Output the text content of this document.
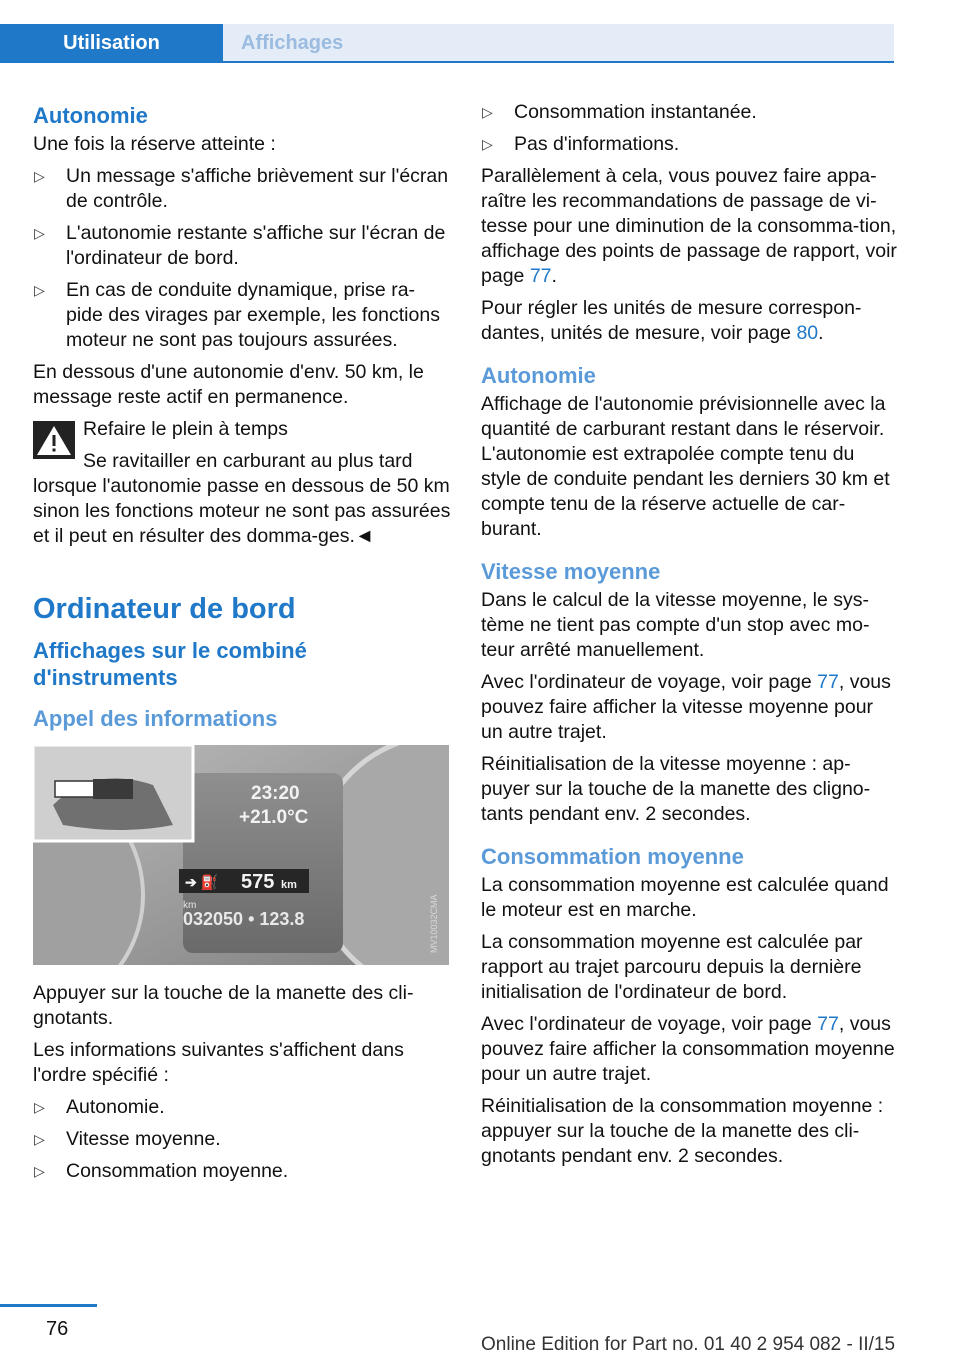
Utilisation	Affichages
Autonomie

Une fois la réserve atteinte :

▷ Un message s'affiche brièvement sur l'écran de contrôle.
▷ L'autonomie restante s'affiche sur l'écran de l'ordinateur de bord.
▷ En cas de conduite dynamique, prise ra-pide des virages par exemple, les fonctions moteur ne sont pas toujours assurées.

En dessous d'une autonomie d'env. 50 km, le message reste actif en permanence.

Refaire le plein à temps
Se ravitailler en carburant au plus tard lorsque l'autonomie passe en dessous de 50 km sinon les fonctions moteur ne sont pas assurées et il peut en résulter des domma-ges.◄
Ordinateur de bord
Affichages sur le combiné d'instruments
Appel des informations
23:20
+21.0°C
➔ ⛽ 575 km
km
032050 • 123.8	MV10032CMA

Appuyer sur la touche de la manette des cli-gnotants.

Les informations suivantes s'affichent dans l'ordre spécifié :

▷ Autonomie.
▷ Vitesse moyenne.
▷ Consommation moyenne.
▷ Consommation instantanée.
▷ Pas d'informations.

Parallèlement à cela, vous pouvez faire appa-raître les recommandations de passage de vi-tesse pour une diminution de la consomma-tion, affichage des points de passage de rapport, voir page 77.

Pour régler les unités de mesure correspon-dantes, unités de mesure, voir page 80.

Autonomie

Affichage de l'autonomie prévisionnelle avec la quantité de carburant restant dans le réservoir. L'autonomie est extrapolée compte tenu du style de conduite pendant les derniers 30 km et compte tenu de la réserve actuelle de car-burant.

Vitesse moyenne

Dans le calcul de la vitesse moyenne, le sys-tème ne tient pas compte d'un stop avec mo-teur arrêté manuellement.

Avec l'ordinateur de voyage, voir page 77, vous pouvez faire afficher la vitesse moyenne pour un autre trajet.

Réinitialisation de la vitesse moyenne : ap-puyer sur la touche de la manette des cligno-tants pendant env. 2 secondes.

Consommation moyenne

La consommation moyenne est calculée quand le moteur est en marche.

La consommation moyenne est calculée par rapport au trajet parcouru depuis la dernière initialisation de l'ordinateur de bord.

Avec l'ordinateur de voyage, voir page 77, vous pouvez faire afficher la consommation moyenne pour un autre trajet.

Réinitialisation de la consommation moyenne : appuyer sur la touche de la manette des cli-gnotants pendant env. 2 secondes.

76
Online Edition for Part no. 01 40 2 954 082 - II/15
